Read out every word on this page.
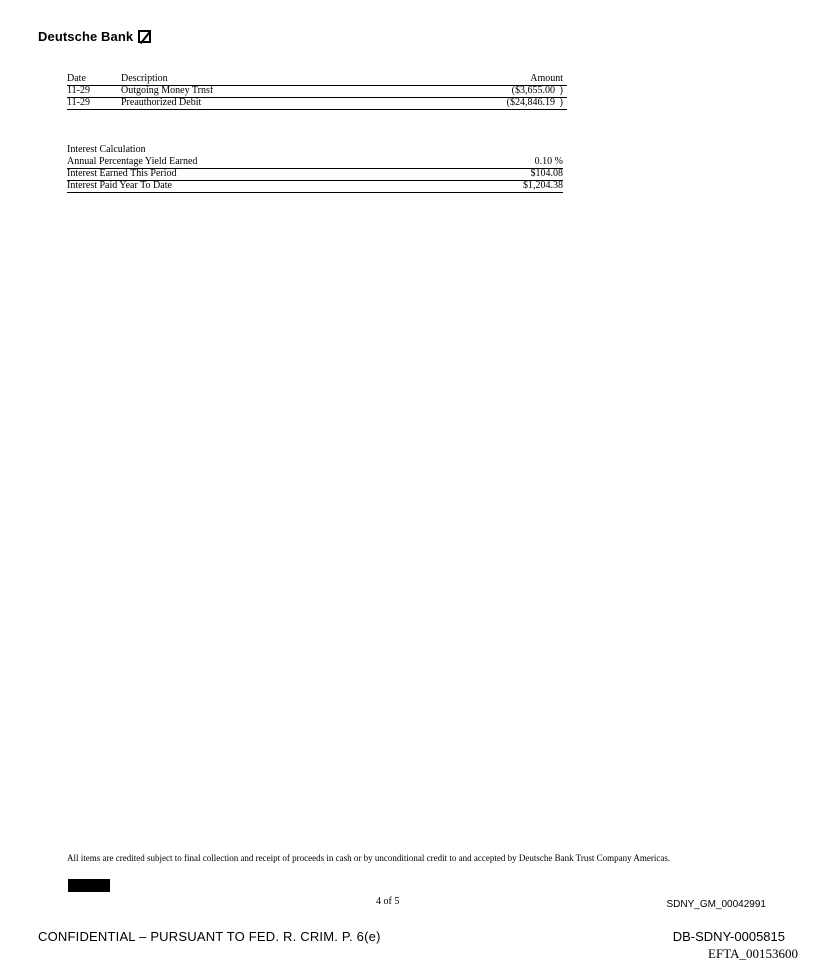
Deutsche Bank
Date	Description	Amount
11-29	Outgoing Money Trnsf	($3,655.00 )
11-29	Preauthorized Debit	($24,846.19 )
Interest Calculation
Annual Percentage Yield Earned	0.10 %
Interest Earned This Period	$104.08
Interest Paid Year To Date	$1,204.38
All items are credited subject to final collection and receipt of proceeds in cash or by unconditional credit to and accepted by Deutsche Bank Trust Company Americas.
4 of 5	SDNY_GM_00042991
CONFIDENTIAL – PURSUANT TO FED. R. CRIM. P. 6(e)	DB-SDNY-0005815
EFTA_00153600
